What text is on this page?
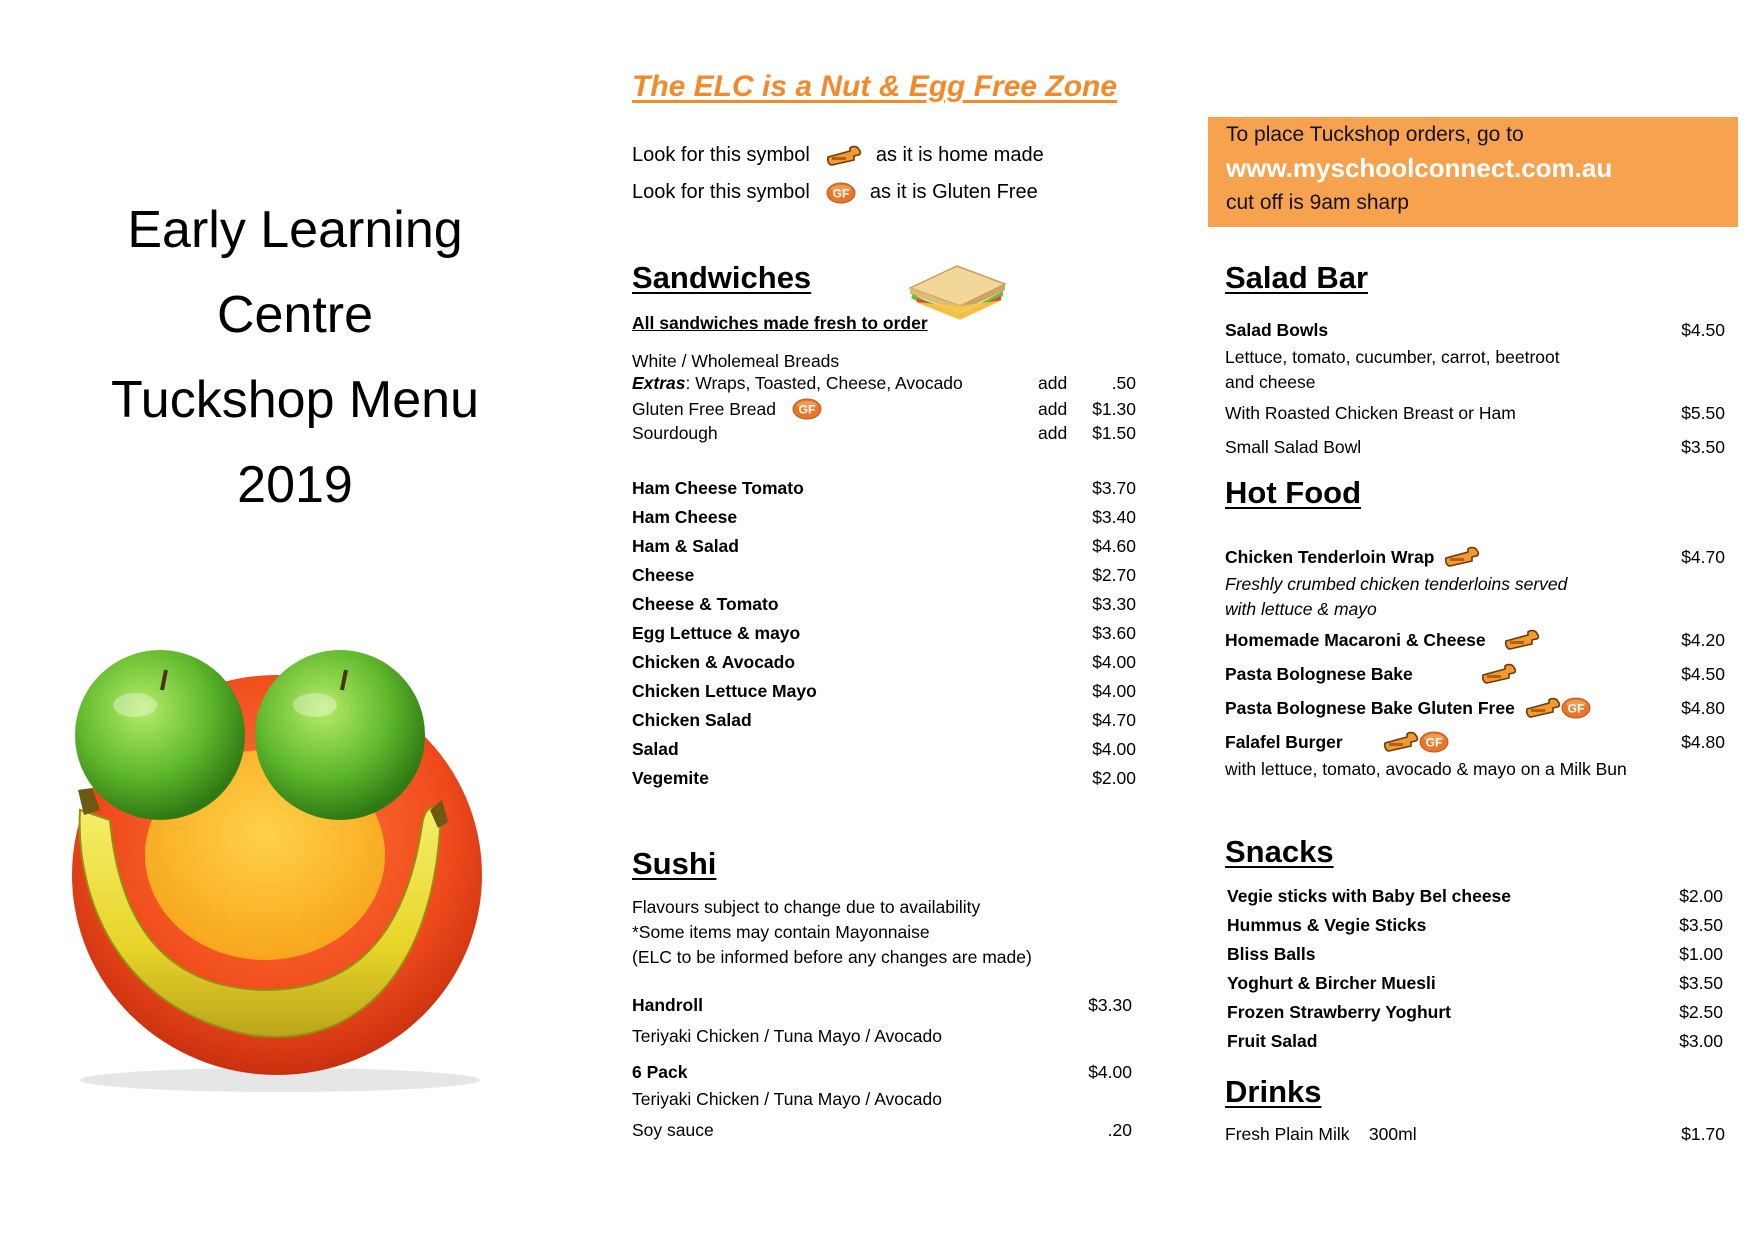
Early Learning
Centre
Tuckshop Menu
2019
The ELC is a Nut & Egg Free Zone
Look for this symbol	as it is home made
Look for this symbol	as it is Gluten Free
Sandwiches
All sandwiches made fresh to order
White / Wholemeal Breads
Extras : Wraps, Toasted, Cheese, Avocado	add	.50
Gluten Free Bread	add	$1.30
Sourdough	add	$1.50
Ham Cheese Tomato	$3.70
Ham Cheese	$3.40
Ham & Salad	$4.60
Cheese	$2.70
Cheese & Tomato	$3.30
Egg Lettuce & mayo	$3.60
Chicken & Avocado	$4.00
Chicken Lettuce Mayo	$4.00
Chicken Salad	$4.70
Salad	$4.00
Vegemite	$2.00
Sushi
Flavours subject to change due to availability
*Some items may contain Mayonnaise
(ELC to be informed before any changes are made)
Handroll	$3.30
Teriyaki Chicken / Tuna Mayo / Avocado
6 Pack	$4.00
Teriyaki Chicken / Tuna Mayo / Avocado
Soy sauce	.20
To place Tuckshop orders, go to
www.myschoolconnect.com.au
cut off is 9am sharp
Salad Bar
Salad Bowls	$4.50
Lettuce, tomato, cucumber, carrot, beetroot
and cheese
With Roasted Chicken Breast or Ham	$5.50
Small Salad Bowl	$3.50
Hot Food
Chicken Tenderloin Wrap	$4.70
Freshly crumbed chicken tenderloins served
with lettuce & mayo
Homemade Macaroni & Cheese	$4.20
Pasta Bolognese Bake	$4.50
Pasta Bolognese Bake Gluten Free	$4.80
Falafel Burger	$4.80
with lettuce, tomato, avocado & mayo on a Milk Bun
Snacks
Vegie sticks with Baby Bel cheese	$2.00
Hummus & Vegie Sticks	$3.50
Bliss Balls	$1.00
Yoghurt & Bircher Muesli	$3.50
Frozen Strawberry Yoghurt	$2.50
Fruit Salad	$3.00
Drinks
Fresh Plain Milk    300ml	$1.70
